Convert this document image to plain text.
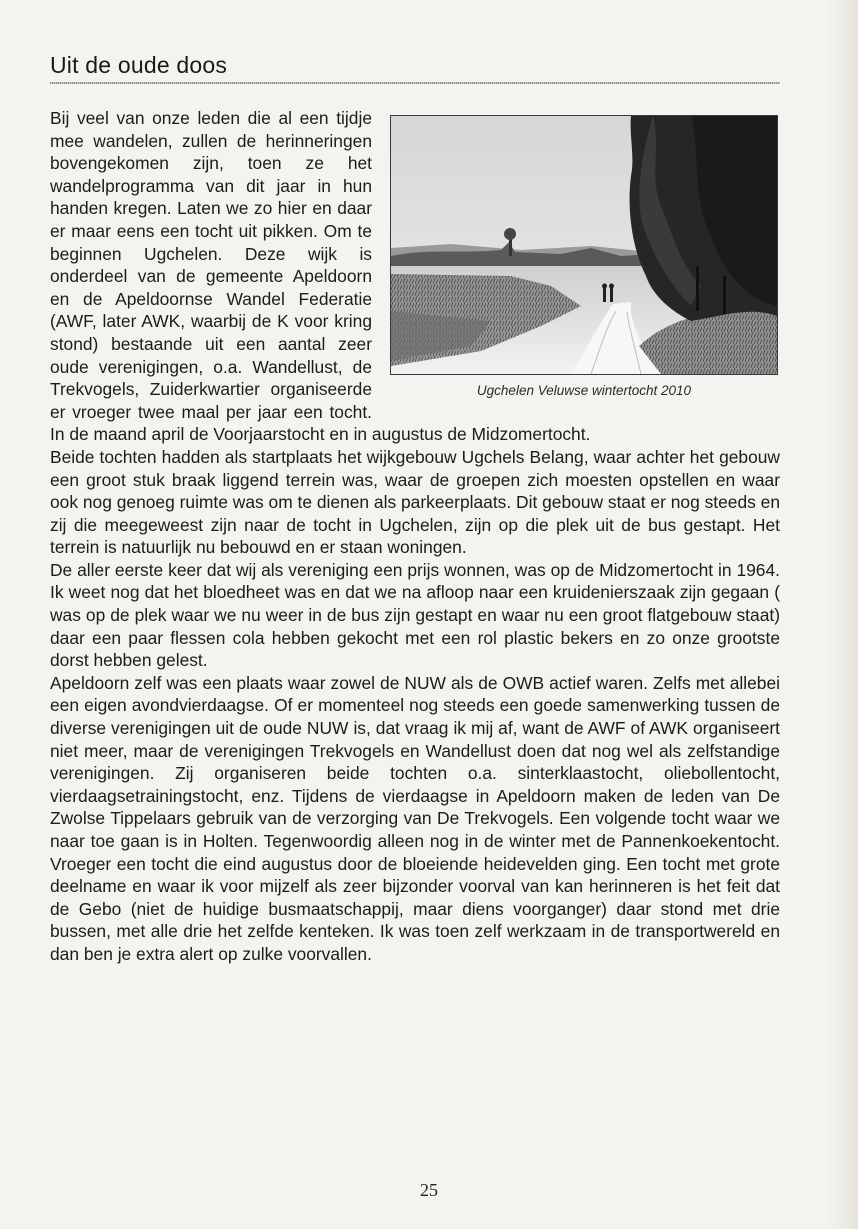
Uit de oude doos

Ugchelen Veluwse wintertocht 2010
Bij veel van onze leden die al een tijdje mee wandelen, zullen de herinneringen bovengekomen zijn, toen ze het wandelprogramma van dit jaar in hun handen kregen. Laten we zo hier en daar er maar eens een tocht uit pikken. Om te beginnen Ugchelen. Deze wijk is onderdeel van de gemeente Apeldoorn en de Apeldoornse Wandel Federatie (AWF, later AWK, waarbij de K voor kring stond) bestaande uit een aantal zeer oude verenigingen, o.a. Wandellust, de Trekvogels, Zuiderkwartier organiseerde er vroeger twee maal per jaar een tocht. In de maand april de Voorjaarstocht en in augustus de Midzomertocht.

Beide tochten hadden als startplaats het wijkgebouw Ugchels Belang, waar achter het gebouw een groot stuk braak liggend terrein was, waar de groepen zich moesten opstellen en waar ook nog genoeg ruimte was om te dienen als parkeerplaats. Dit gebouw staat er nog steeds en zij die meegeweest zijn naar de tocht in Ugchelen, zijn op die plek uit de bus gestapt. Het terrein is natuurlijk nu bebouwd en er staan woningen.

De aller eerste keer dat wij als vereniging een prijs wonnen, was op de Midzomertocht in 1964. Ik weet nog dat het bloedheet was en dat we na afloop naar een kruidenierszaak zijn gegaan ( was op de plek waar we nu weer in de bus zijn gestapt en waar nu een groot flatgebouw staat) daar een paar flessen cola hebben gekocht met een rol plastic bekers en zo onze grootste dorst hebben gelest.

Apeldoorn zelf was een plaats waar zowel de NUW als de OWB actief waren. Zelfs met allebei een eigen avondvierdaagse. Of er momenteel nog steeds een goede samenwerking tussen de diverse verenigingen uit de oude NUW is, dat vraag ik mij af, want de AWF of AWK organiseert niet meer, maar de verenigingen Trekvogels en Wandellust doen dat nog wel als zelfstandige verenigingen. Zij organiseren beide tochten o.a. sinterklaastocht, oliebollentocht, vierdaagsetrainingstocht, enz. Tijdens de vierdaagse in Apeldoorn maken de leden van De Zwolse Tippelaars gebruik van de verzorging van De Trekvogels. Een volgende tocht waar we naar toe gaan is in Holten. Tegenwoordig alleen nog in de winter met de Pannenkoekentocht. Vroeger een tocht die eind augustus door de bloeiende heidevelden ging. Een tocht met grote deelname en waar ik voor mijzelf als zeer bijzonder voorval van kan herinneren is het feit dat de Gebo (niet de huidige busmaatschappij, maar diens voorganger) daar stond met drie bussen, met alle drie het zelfde kenteken. Ik was toen zelf werkzaam in de transportwereld en dan ben je extra alert op zulke voorvallen.

25
